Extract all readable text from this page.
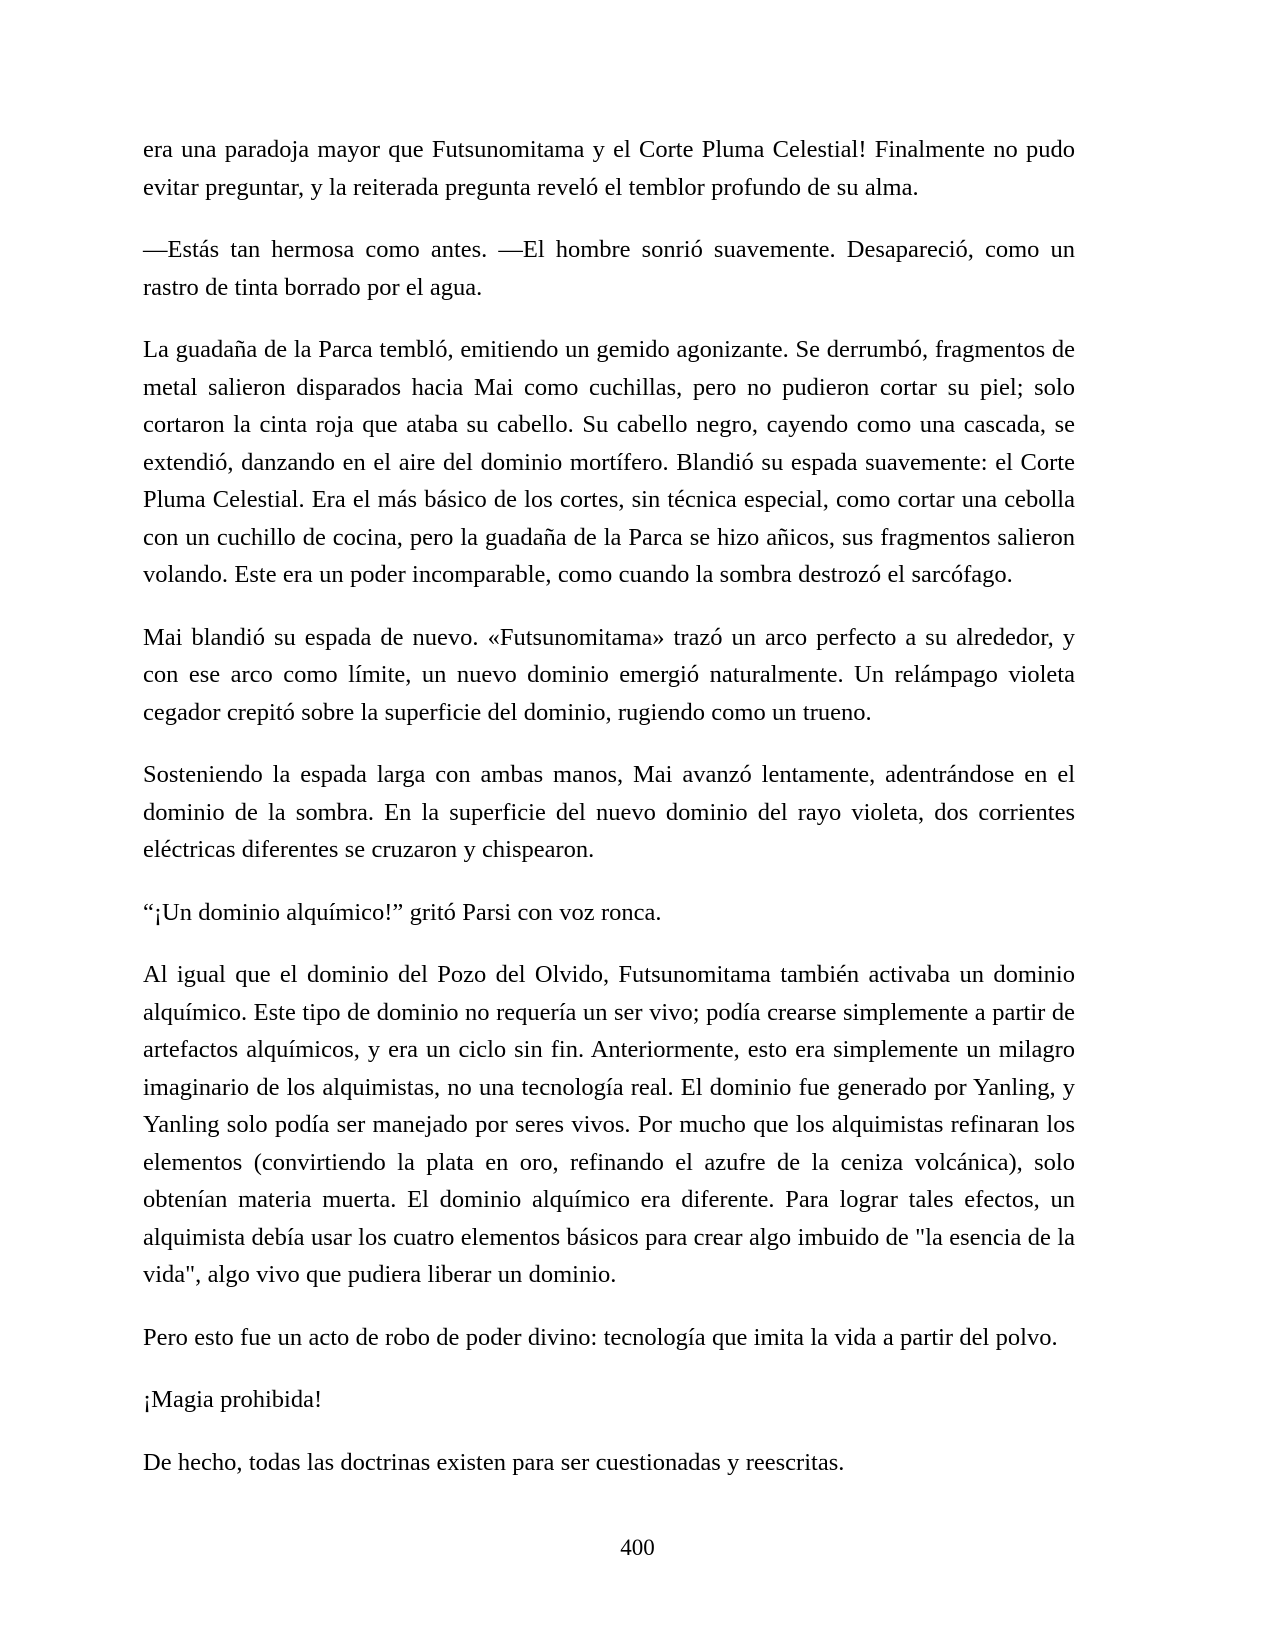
era una paradoja mayor que Futsunomitama y el Corte Pluma Celestial! Finalmente no pudo evitar preguntar, y la reiterada pregunta reveló el temblor profundo de su alma.

—Estás tan hermosa como antes. —El hombre sonrió suavemente. Desapareció, como un rastro de tinta borrado por el agua.

La guadaña de la Parca tembló, emitiendo un gemido agonizante. Se derrumbó, fragmentos de metal salieron disparados hacia Mai como cuchillas, pero no pudieron cortar su piel; solo cortaron la cinta roja que ataba su cabello. Su cabello negro, cayendo como una cascada, se extendió, danzando en el aire del dominio mortífero. Blandió su espada suavemente: el Corte Pluma Celestial. Era el más básico de los cortes, sin técnica especial, como cortar una cebolla con un cuchillo de cocina, pero la guadaña de la Parca se hizo añicos, sus fragmentos salieron volando. Este era un poder incomparable, como cuando la sombra destrozó el sarcófago.

Mai blandió su espada de nuevo. «Futsunomitama» trazó un arco perfecto a su alrededor, y con ese arco como límite, un nuevo dominio emergió naturalmente. Un relámpago violeta cegador crepitó sobre la superficie del dominio, rugiendo como un trueno.

Sosteniendo la espada larga con ambas manos, Mai avanzó lentamente, adentrándose en el dominio de la sombra. En la superficie del nuevo dominio del rayo violeta, dos corrientes eléctricas diferentes se cruzaron y chispearon.

“¡Un dominio alquímico!” gritó Parsi con voz ronca.

Al igual que el dominio del Pozo del Olvido, Futsunomitama también activaba un dominio alquímico. Este tipo de dominio no requería un ser vivo; podía crearse simplemente a partir de artefactos alquímicos, y era un ciclo sin fin. Anteriormente, esto era simplemente un milagro imaginario de los alquimistas, no una tecnología real. El dominio fue generado por Yanling, y Yanling solo podía ser manejado por seres vivos. Por mucho que los alquimistas refinaran los elementos (convirtiendo la plata en oro, refinando el azufre de la ceniza volcánica), solo obtenían materia muerta. El dominio alquímico era diferente. Para lograr tales efectos, un alquimista debía usar los cuatro elementos básicos para crear algo imbuido de "la esencia de la vida", algo vivo que pudiera liberar un dominio.

Pero esto fue un acto de robo de poder divino: tecnología que imita la vida a partir del polvo.

¡Magia prohibida!

De hecho, todas las doctrinas existen para ser cuestionadas y reescritas.

400
